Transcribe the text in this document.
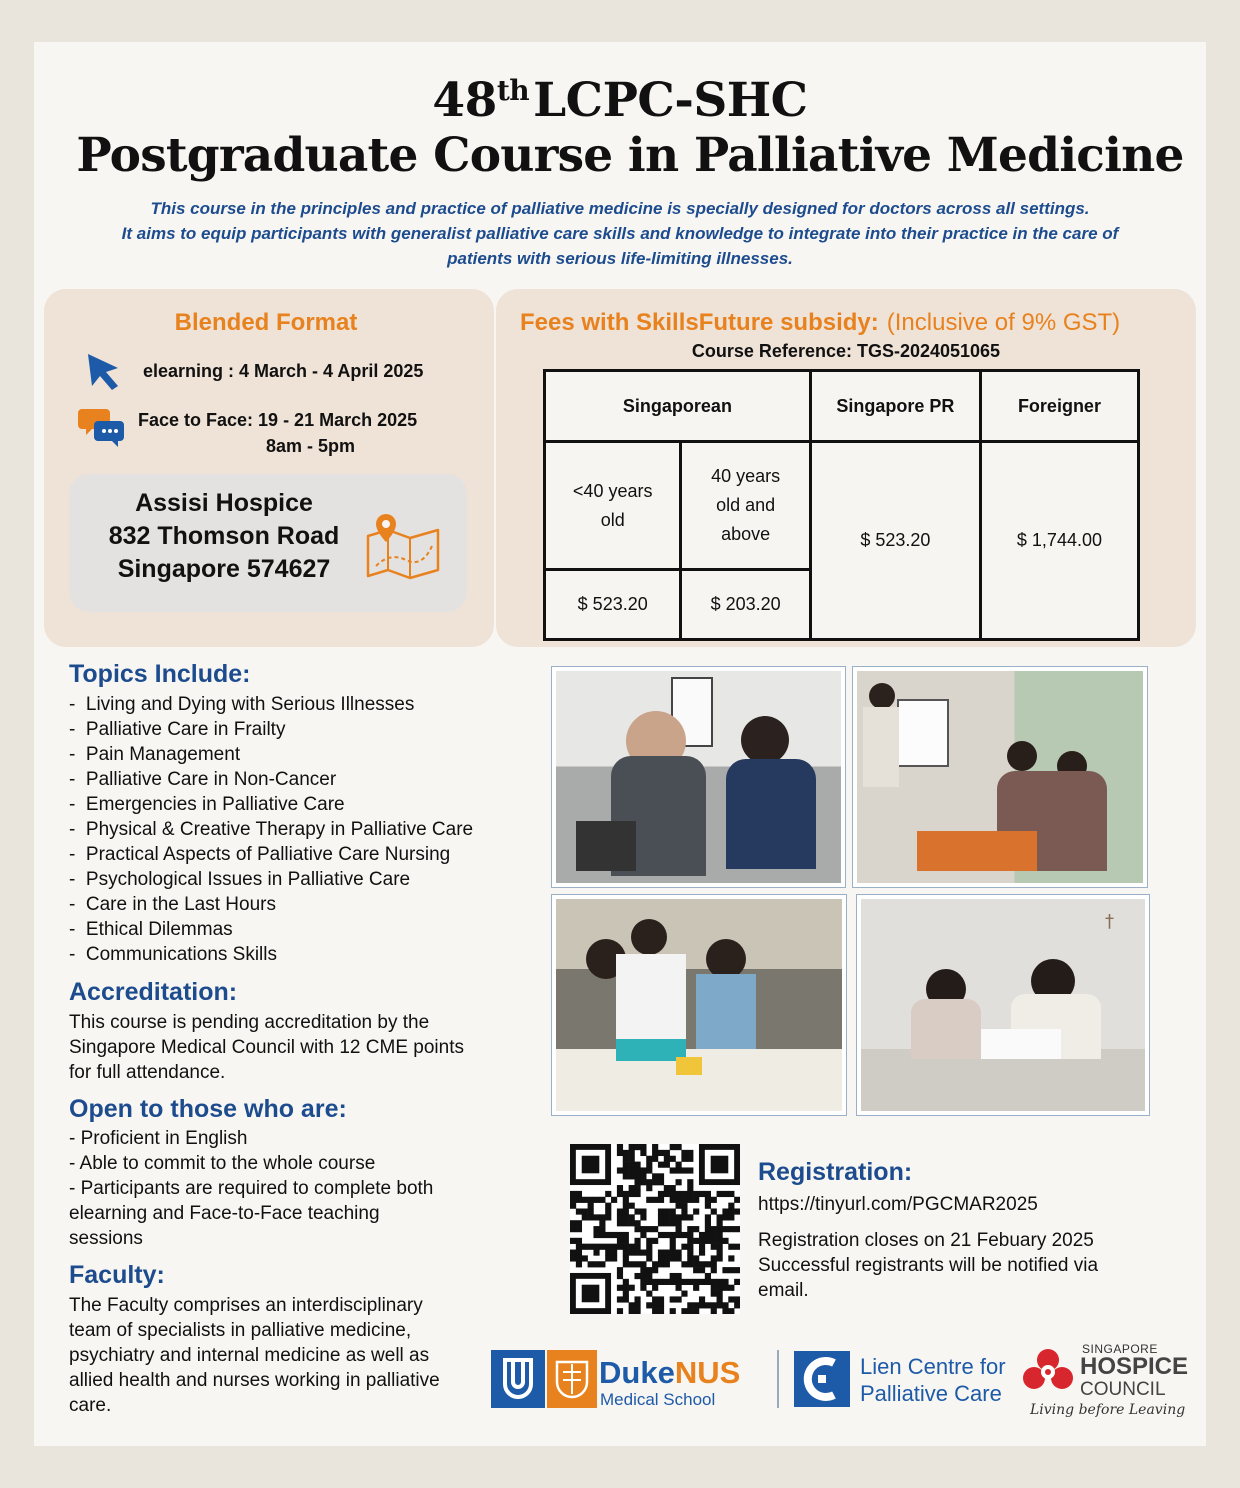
48thLCPC-SHC
Postgraduate Course in Palliative Medicine
This course in the principles and practice of palliative medicine is specially designed for doctors across all settings.
It aims to equip participants with generalist palliative care skills and knowledge to integrate into their practice in the care of
patients with serious life-limiting illnesses.
Blended Format
elearning : 4 March - 4 April 2025
Face to Face: 19 - 21 March 2025
8am - 5pm
Assisi Hospice
832 Thomson Road
Singapore 574627
Fees with SkillsFuture subsidy: (Inclusive of 9% GST)
Course Reference: TGS-2024051065
Singaporean		Singapore PR	Foreigner
<40 years old	40 years old and above	$ 523.20	$ 1,744.00
$ 523.20	$ 203.20		
Topics Include:
-  Living and Dying with Serious Illnesses
-  Palliative Care in Frailty
-  Pain Management
-  Palliative Care in Non-Cancer
-  Emergencies in Palliative Care
-  Physical & Creative Therapy in Palliative Care
-  Practical Aspects of Palliative Care Nursing
-  Psychological Issues in Palliative Care
-  Care in the Last Hours
-  Ethical Dilemmas
-  Communications Skills
Accreditation:
This course is pending accreditation by the
Singapore Medical Council with 12 CME points
for full attendance.
Open to those who are:
- Proficient in English
- Able to commit to the whole course
- Participants are required to complete both
elearning and Face-to-Face teaching
sessions
Faculty:
The Faculty comprises an interdisciplinary
team of specialists in palliative medicine,
psychiatry and internal medicine as well as
allied health and nurses working in palliative
care.
†
Registration:
https://tinyurl.com/PGCMAR2025
Registration closes on 21 Febuary 2025
Successful registrants will be notified via
email.
DukeNUS
Medical School
Lien Centre for
Palliative Care
SINGAPORE
HOSPICE
COUNCIL
Living before Leaving
